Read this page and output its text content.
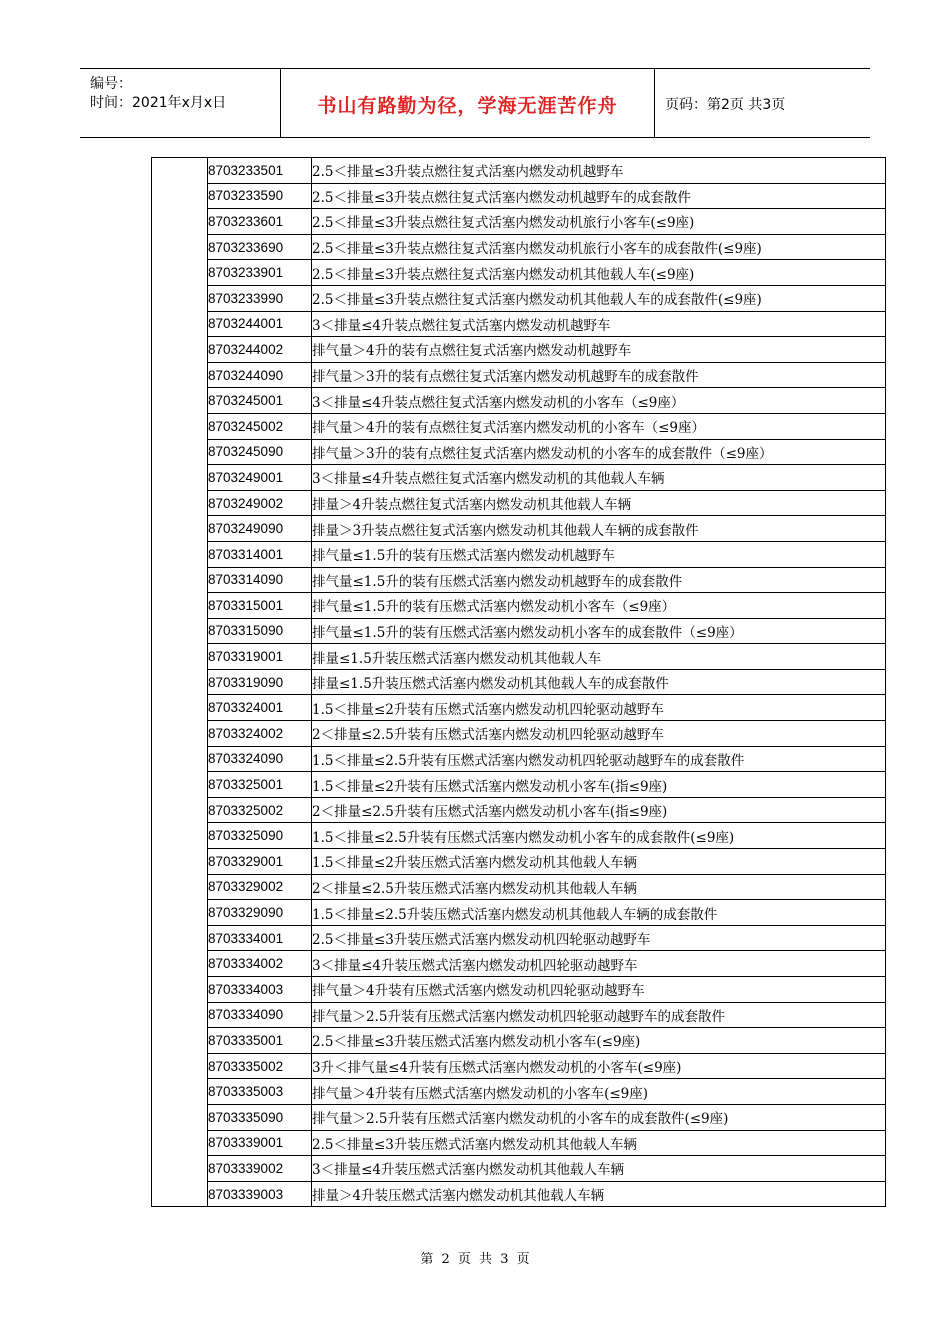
编号：
时间：2021年x月x日	书山有路勤为径，学海无涯苦作舟	页码：第2页 共3页
	8703233501	2.5＜排量≤3升装点燃往复式活塞内燃发动机越野车
	8703233590	2.5＜排量≤3升装点燃往复式活塞内燃发动机越野车的成套散件
	8703233601	2.5＜排量≤3升装点燃往复式活塞内燃发动机旅行小客车(≤9座)
	8703233690	2.5＜排量≤3升装点燃往复式活塞内燃发动机旅行小客车的成套散件(≤9座)
	8703233901	2.5＜排量≤3升装点燃往复式活塞内燃发动机其他载人车(≤9座)
	8703233990	2.5＜排量≤3升装点燃往复式活塞内燃发动机其他载人车的成套散件(≤9座)
	8703244001	3＜排量≤4升装点燃往复式活塞内燃发动机越野车
	8703244002	排气量＞4升的装有点燃往复式活塞内燃发动机越野车
	8703244090	排气量＞3升的装有点燃往复式活塞内燃发动机越野车的成套散件
	8703245001	3＜排量≤4升装点燃往复式活塞内燃发动机的小客车（≤9座）
	8703245002	排气量＞4升的装有点燃往复式活塞内燃发动机的小客车（≤9座）
	8703245090	排气量＞3升的装有点燃往复式活塞内燃发动机的小客车的成套散件（≤9座）
	8703249001	3＜排量≤4升装点燃往复式活塞内燃发动机的其他载人车辆
	8703249002	排量＞4升装点燃往复式活塞内燃发动机其他载人车辆
	8703249090	排量＞3升装点燃往复式活塞内燃发动机其他载人车辆的成套散件
	8703314001	排气量≤1.5升的装有压燃式活塞内燃发动机越野车
	8703314090	排气量≤1.5升的装有压燃式活塞内燃发动机越野车的成套散件
	8703315001	排气量≤1.5升的装有压燃式活塞内燃发动机小客车（≤9座）
	8703315090	排气量≤1.5升的装有压燃式活塞内燃发动机小客车的成套散件（≤9座）
	8703319001	排量≤1.5升装压燃式活塞内燃发动机其他载人车
	8703319090	排量≤1.5升装压燃式活塞内燃发动机其他载人车的成套散件
	8703324001	1.5＜排量≤2升装有压燃式活塞内燃发动机四轮驱动越野车
	8703324002	2＜排量≤2.5升装有压燃式活塞内燃发动机四轮驱动越野车
	8703324090	1.5＜排量≤2.5升装有压燃式活塞内燃发动机四轮驱动越野车的成套散件
	8703325001	1.5＜排量≤2升装有压燃式活塞内燃发动机小客车(指≤9座)
	8703325002	2＜排量≤2.5升装有压燃式活塞内燃发动机小客车(指≤9座)
	8703325090	1.5＜排量≤2.5升装有压燃式活塞内燃发动机小客车的成套散件(≤9座)
	8703329001	1.5＜排量≤2升装压燃式活塞内燃发动机其他载人车辆
	8703329002	2＜排量≤2.5升装压燃式活塞内燃发动机其他载人车辆
	8703329090	1.5＜排量≤2.5升装压燃式活塞内燃发动机其他载人车辆的成套散件
	8703334001	2.5＜排量≤3升装压燃式活塞内燃发动机四轮驱动越野车
	8703334002	3＜排量≤4升装压燃式活塞内燃发动机四轮驱动越野车
	8703334003	排气量＞4升装有压燃式活塞内燃发动机四轮驱动越野车
	8703334090	排气量＞2.5升装有压燃式活塞内燃发动机四轮驱动越野车的成套散件
	8703335001	2.5＜排量≤3升装压燃式活塞内燃发动机小客车(≤9座)
	8703335002	3升＜排气量≤4升装有压燃式活塞内燃发动机的小客车(≤9座)
	8703335003	排气量＞4升装有压燃式活塞内燃发动机的小客车(≤9座)
	8703335090	排气量＞2.5升装有压燃式活塞内燃发动机的小客车的成套散件(≤9座)
	8703339001	2.5＜排量≤3升装压燃式活塞内燃发动机其他载人车辆
	8703339002	3＜排量≤4升装压燃式活塞内燃发动机其他载人车辆
	8703339003	排量＞4升装压燃式活塞内燃发动机其他载人车辆
第 2 页 共 3 页
